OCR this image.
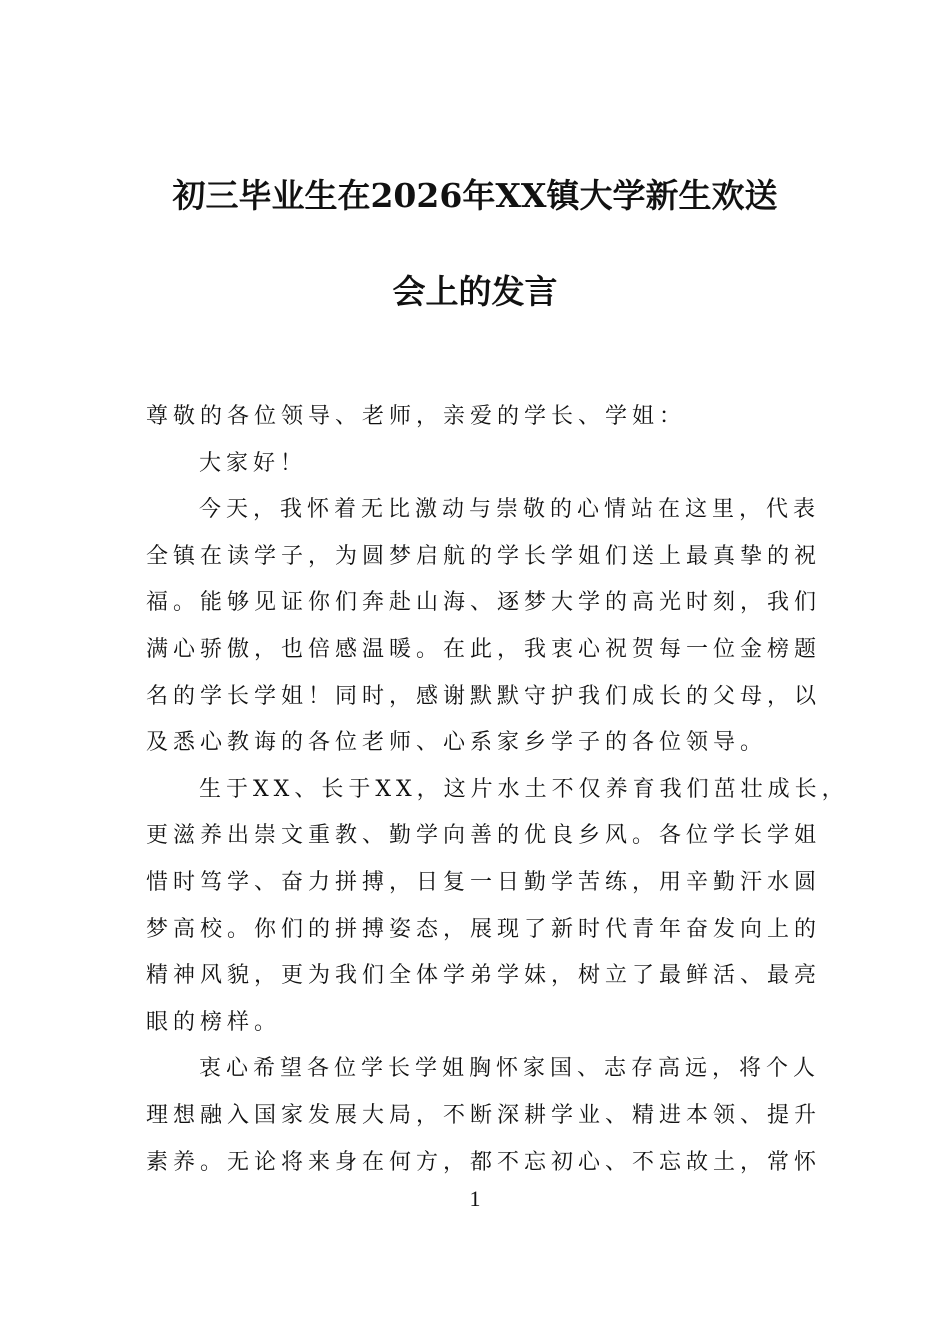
初三毕业生在2026年XX镇大学新生欢送
会上的发言
尊敬的各位领导、老师，亲爱的学长、学姐：
大家好！
今天，我怀着无比激动与崇敬的心情站在这里，代表
全镇在读学子，为圆梦启航的学长学姐们送上最真挚的祝
福。能够见证你们奔赴山海、逐梦大学的高光时刻，我们
满心骄傲，也倍感温暖。在此，我衷心祝贺每一位金榜题
名的学长学姐！同时，感谢默默守护我们成长的父母，以
及悉心教诲的各位老师、心系家乡学子的各位领导。
生于XX、长于XX，这片水土不仅养育我们茁壮成长，
更滋养出崇文重教、勤学向善的优良乡风。各位学长学姐
惜时笃学、奋力拼搏，日复一日勤学苦练，用辛勤汗水圆
梦高校。你们的拼搏姿态，展现了新时代青年奋发向上的
精神风貌，更为我们全体学弟学妹，树立了最鲜活、最亮
眼的榜样。
衷心希望各位学长学姐胸怀家国、志存高远，将个人
理想融入国家发展大局，不断深耕学业、精进本领、提升
素养。无论将来身在何方，都不忘初心、不忘故土，常怀
1
